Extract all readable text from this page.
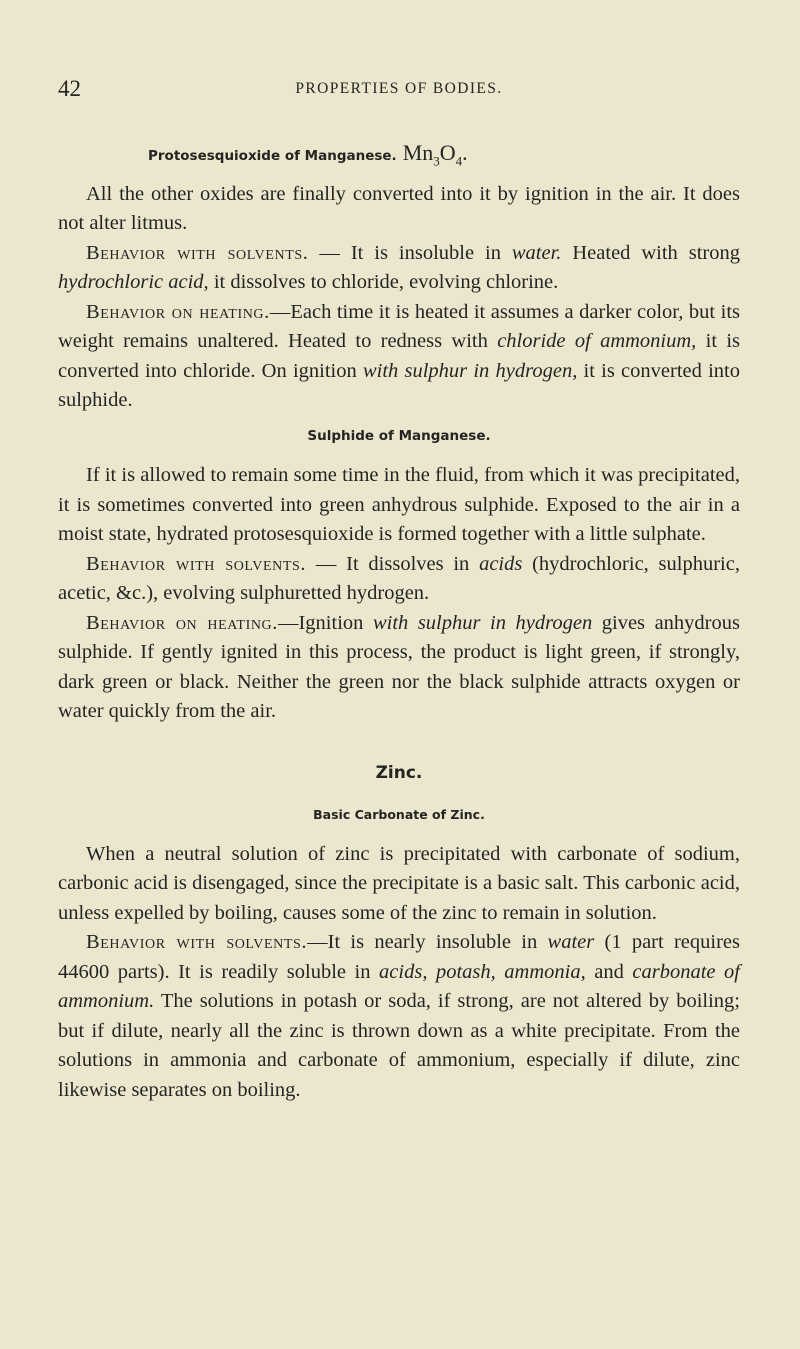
42	PROPERTIES OF BODIES.
Protosesquioxide of Manganese. $Mn_3O_4$.

All the other oxides are finally converted into it by ignition in the air. It does not alter litmus.

Behavior with solvents. — It is insoluble in water. Heated with strong hydrochloric acid, it dissolves to chloride, evolving chlorine.

Behavior on heating.—Each time it is heated it assumes a darker color, but its weight remains unaltered. Heated to redness with chloride of ammonium, it is converted into chloride. On ignition with sulphur in hydrogen, it is converted into sulphide.

Sulphide of Manganese.

If it is allowed to remain some time in the fluid, from which it was precipitated, it is sometimes converted into green anhydrous sulphide. Exposed to the air in a moist state, hydrated protosesquioxide is formed together with a little sulphate.

Behavior with solvents. — It dissolves in acids (hydrochloric, sulphuric, acetic, &c.), evolving sulphuretted hydrogen.

Behavior on heating.—Ignition with sulphur in hydrogen gives anhydrous sulphide. If gently ignited in this process, the product is light green, if strongly, dark green or black. Neither the green nor the black sulphide attracts oxygen or water quickly from the air.

Zinc.
Basic Carbonate of Zinc.

When a neutral solution of zinc is precipitated with carbonate of sodium, carbonic acid is disengaged, since the precipitate is a basic salt. This carbonic acid, unless expelled by boiling, causes some of the zinc to remain in solution.

Behavior with solvents.—It is nearly insoluble in water (1 part requires 44600 parts). It is readily soluble in acids, potash, ammonia, and carbonate of ammonium. The solutions in potash or soda, if strong, are not altered by boiling; but if dilute, nearly all the zinc is thrown down as a white precipitate. From the solutions in ammonia and carbonate of ammonium, especially if dilute, zinc likewise separates on boiling.
